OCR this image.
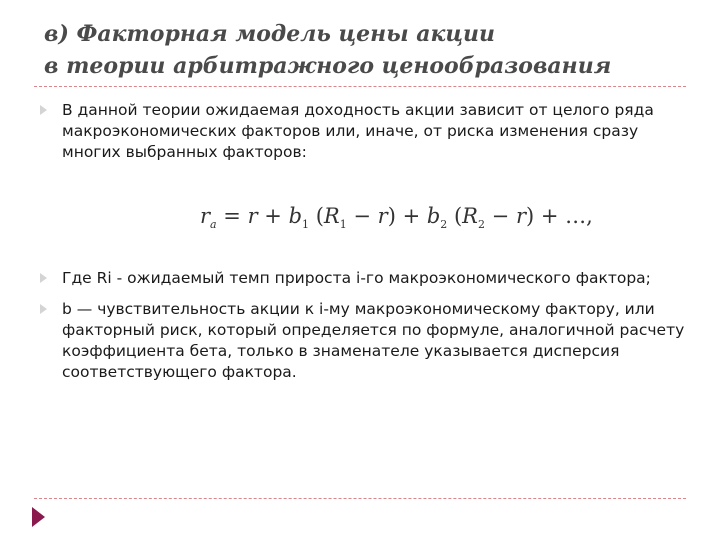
в) Факторная модель цены акции
в теории арбитражного ценообразования
В данной теории ожидаемая доходность акции зависит от целого ряда макроэкономических факторов или, иначе, от риска изменения сразу многих выбранных факторов:
$r_a = r + b_1$ $(R_1 - r) + b_2$ $(R_2 - r)$ + …,
Где Ri - ожидаемый темп прироста i-го макроэкономического фактора;
b — чувствительность акции к i-му макроэкономическому фактору, или факторный риск, который определяется по формуле, аналогичной расчету коэффициента бета, только в знаменателе указывается дисперсия соответствующего фактора.
